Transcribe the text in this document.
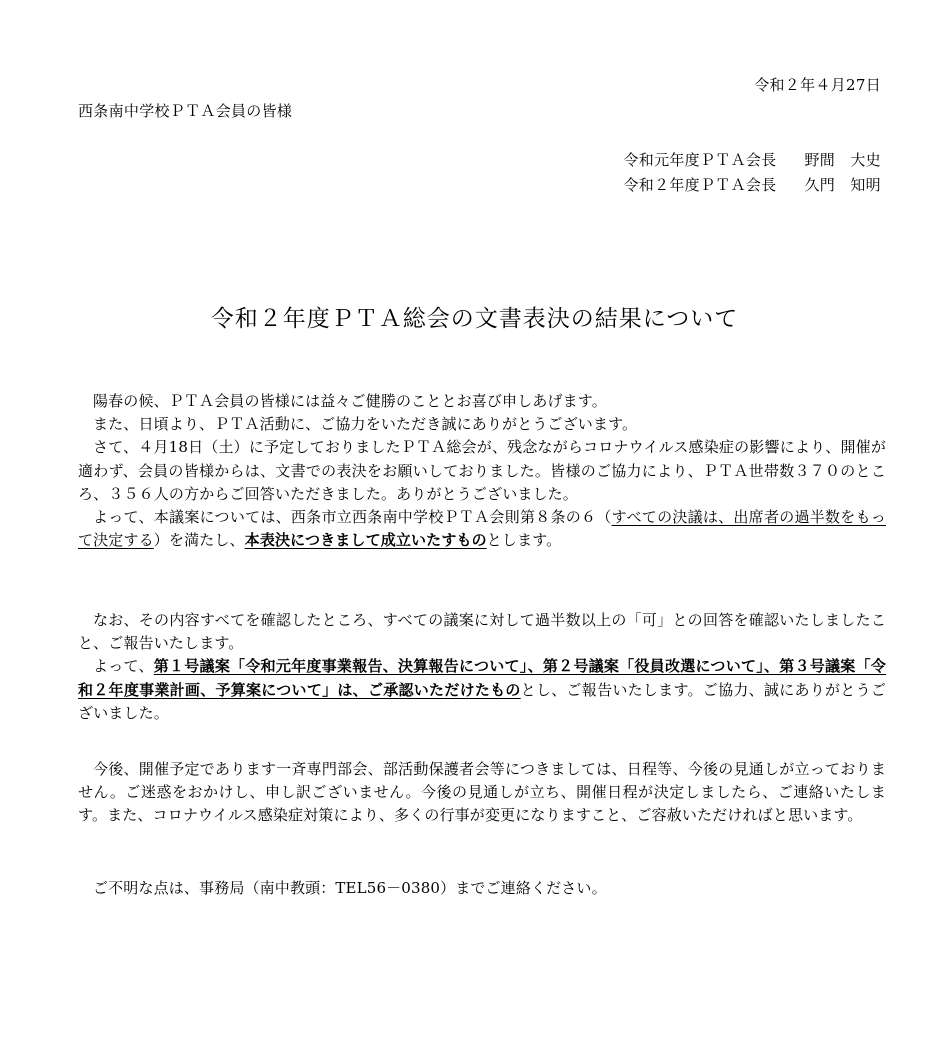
令和２年４月27日
西条南中学校ＰＴＡ会員の皆様
令和元年度ＰＴＡ会長 野間　大史
令和２年度ＰＴＡ会長 久門　知明
令和２年度ＰＴＡ総会の文書表決の結果について

陽春の候、ＰＴＡ会員の皆様には益々ご健勝のこととお喜び申しあげます。

また、日頃より、ＰＴＡ活動に、ご協力をいただき誠にありがとうございます。

さて、４月18日（土）に予定しておりましたＰＴＡ総会が、残念ながらコロナウイルス感染症の影響により、開催が適わず、会員の皆様からは、文書での表決をお願いしておりました。皆様のご協力により、ＰＴＡ世帯数３７０のところ、３５６人の方からご回答いただきました。ありがとうございました。

よって、本議案については、西条市立西条南中学校ＰＴＡ会則第８条の６（すべての決議は、出席者の過半数をもって決定する）を満たし、本表決につきまして成立いたすものとします。

なお、その内容すべてを確認したところ、すべての議案に対して過半数以上の「可」との回答を確認いたしましたこと、ご報告いたします。

よって、第１号議案「令和元年度事業報告、決算報告について」、第２号議案「役員改選について」、第３号議案「令和２年度事業計画、予算案について」は、ご承認いただけたものとし、ご報告いたします。ご協力、誠にありがとうございました。

今後、開催予定であります一斉専門部会、部活動保護者会等につきましては、日程等、今後の見通しが立っておりません。ご迷惑をおかけし、申し訳ございません。今後の見通しが立ち、開催日程が決定しましたら、ご連絡いたします。また、コロナウイルス感染症対策により、多くの行事が変更になりますこと、ご容赦いただければと思います。

ご不明な点は、事務局（南中教頭：TEL56－0380）までご連絡ください。
